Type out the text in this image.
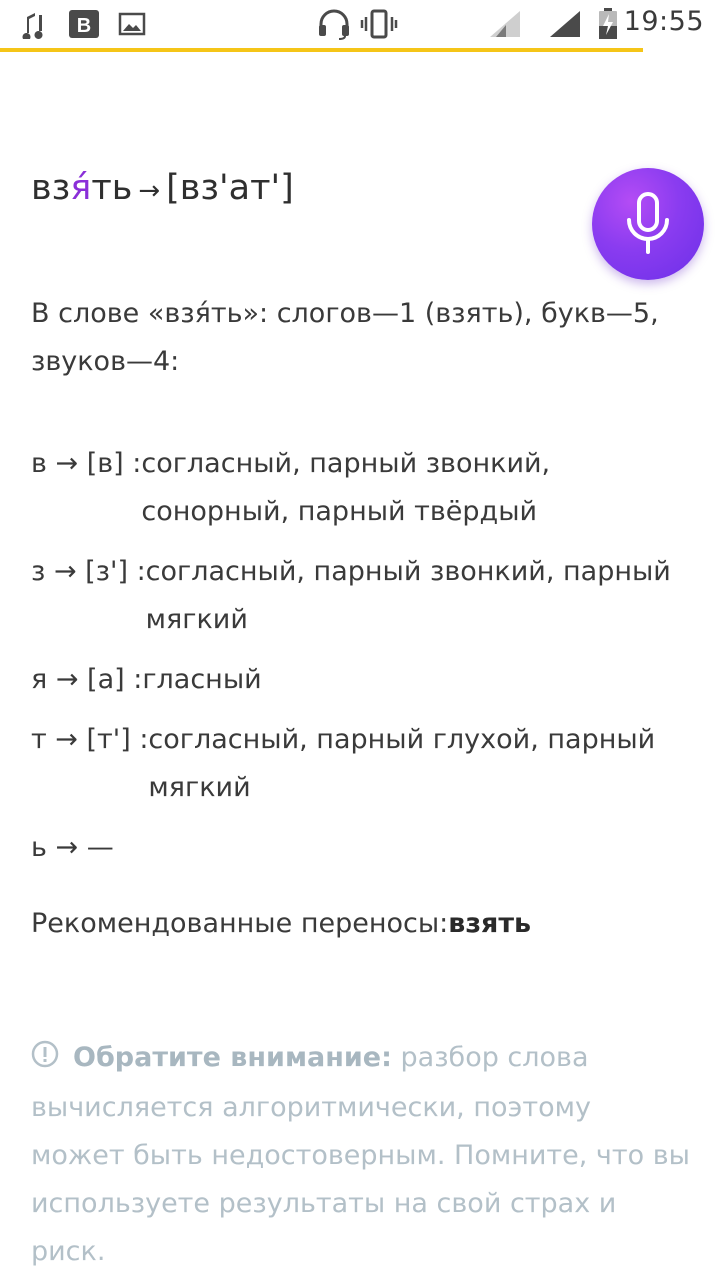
B	19:55
взя́ть → [вз'ат']
В слове «взя́ть»: слогов—1 (взять), букв—5, звуков—4:
в → [в] : согласный, парный звонкий, сонорный, парный твёрдый
з → [з'] : согласный, парный звонкий, парный мягкий
я → [а] : гласный
т → [т'] : согласный, парный глухой, парный мягкий
ь → —
Рекомендованные переносы:взять
Обратите внимание: разбор слова вычисляется алгоритмически, поэтому может быть недостоверным. Помните, что вы используете результаты на свой страх и риск.
